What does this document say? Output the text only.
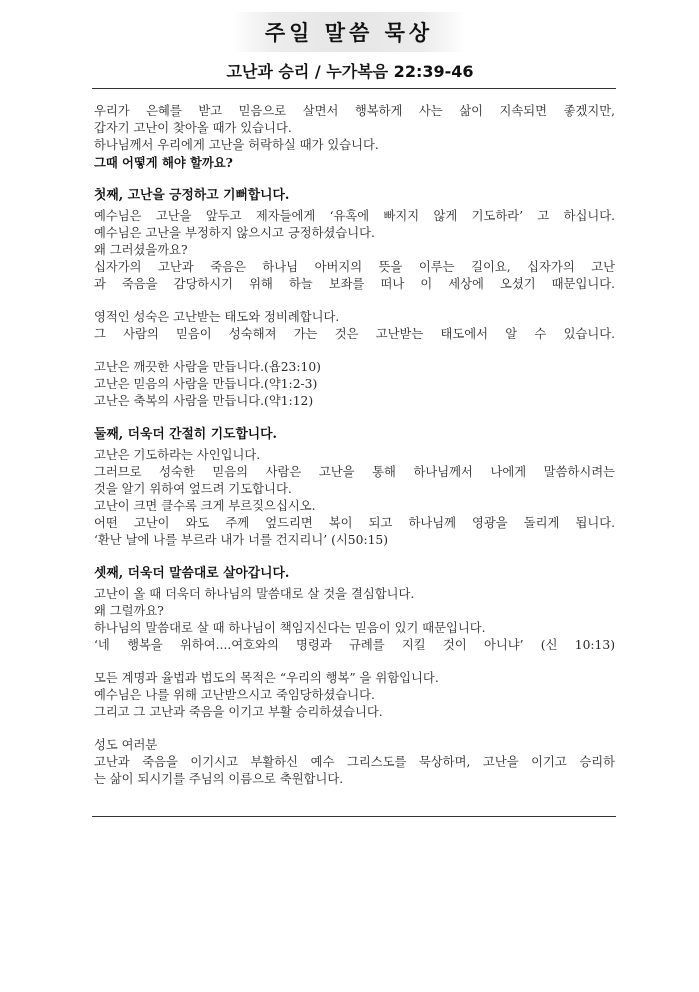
주일 말씀 묵상
고난과 승리 / 누가복음 22:39-46
우리가 은혜를 받고 믿음으로 살면서 행복하게 사는 삶이 지속되면 좋겠지만,
갑자기 고난이 찾아올 때가 있습니다.
하나님께서 우리에게 고난을 허락하실 때가 있습니다.
그때 어떻게 해야 할까요?
첫째, 고난을 긍정하고 기뻐합니다.
예수님은 고난을 앞두고 제자들에게 ‘유혹에 빠지지 않게 기도하라’ 고 하십니다.
예수님은 고난을 부정하지 않으시고 긍정하셨습니다.
왜 그러셨을까요?
십자가의 고난과 죽음은 하나님 아버지의 뜻을 이루는 길이요, 십자가의 고난
과 죽음을 감당하시기 위해 하늘 보좌를 떠나 이 세상에 오셨기 때문입니다.
영적인 성숙은 고난받는 태도와 정비례합니다.
그 사람의 믿음이 성숙해져 가는 것은 고난받는 태도에서 알 수 있습니다.
고난은 깨끗한 사람을 만듭니다.(욥23:10)
고난은 믿음의 사람을 만듭니다.(약1:2-3)
고난은 축복의 사람을 만듭니다.(약1:12)
둘째, 더욱더 간절히 기도합니다.
고난은 기도하라는 사인입니다.
그러므로 성숙한 믿음의 사람은 고난을 통해 하나님께서 나에게 말씀하시려는
것을 알기 위하여 엎드려 기도합니다.
고난이 크면 클수록 크게 부르짖으십시오.
어떤 고난이 와도 주께 엎드리면 복이 되고 하나님께 영광을 돌리게 됩니다.
‘환난 날에 나를 부르라 내가 너를 건지리니’ (시50:15)
셋째, 더욱더 말씀대로 살아갑니다.
고난이 올 때 더욱더 하나님의 말씀대로 살 것을 결심합니다.
왜 그럴까요?
하나님의 말씀대로 살 때 하나님이 책임지신다는 믿음이 있기 때문입니다.
‘네 행복을 위하여....여호와의 명령과 규례를 지킬 것이 아니냐’ (신 10:13)
모든 계명과 율법과 법도의 목적은 “우리의 행복” 을 위함입니다.
예수님은 나를 위해 고난받으시고 죽임당하셨습니다.
그리고 그 고난과 죽음을 이기고 부활 승리하셨습니다.
성도 여러분
고난과 죽음을 이기시고 부활하신 예수 그리스도를 묵상하며, 고난을 이기고 승리하
는 삶이 되시기를 주님의 이름으로 축원합니다.
